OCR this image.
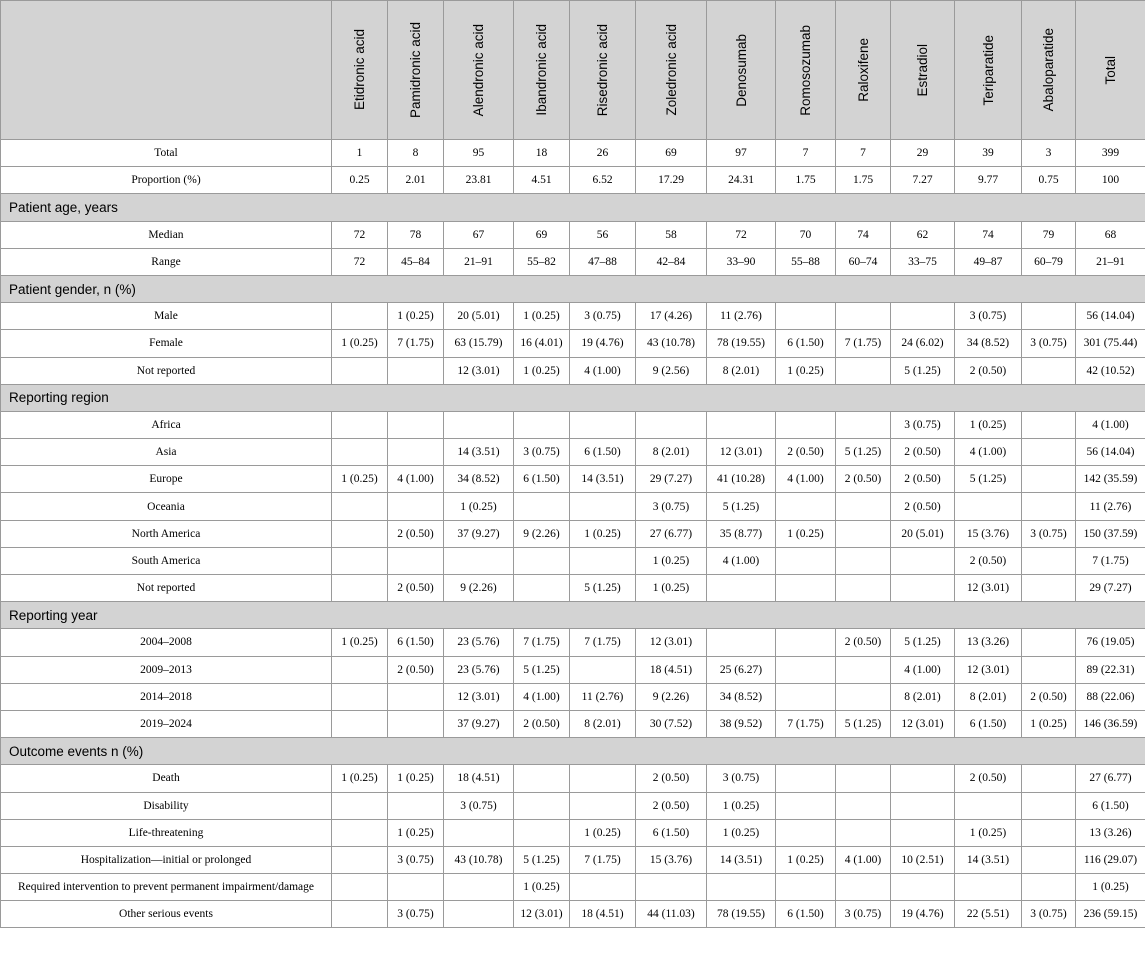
	Etidronic acid	Pamidronic acid	Alendronic acid	Ibandronic acid	Risedronic acid	Zoledronic acid	Denosumab	Romosozumab	Raloxifene	Estradiol	Teriparatide	Abaloparatide	Total
Total	1	8	95	18	26	69	97	7	7	29	39	3	399
Proportion (%)	0.25	2.01	23.81	4.51	6.52	17.29	24.31	1.75	1.75	7.27	9.77	0.75	100
Patient age, years													
Median	72	78	67	69	56	58	72	70	74	62	74	79	68
Range	72	45–84	21–91	55–82	47–88	42–84	33–90	55–88	60–74	33–75	49–87	60–79	21–91
Patient gender, n (%)													
Male		1 (0.25)	20 (5.01)	1 (0.25)	3 (0.75)	17 (4.26)	11 (2.76)				3 (0.75)		56 (14.04)
Female	1 (0.25)	7 (1.75)	63 (15.79)	16 (4.01)	19 (4.76)	43 (10.78)	78 (19.55)	6 (1.50)	7 (1.75)	24 (6.02)	34 (8.52)	3 (0.75)	301 (75.44)
Not reported			12 (3.01)	1 (0.25)	4 (1.00)	9 (2.56)	8 (2.01)	1 (0.25)		5 (1.25)	2 (0.50)		42 (10.52)
Reporting region													
Africa										3 (0.75)	1 (0.25)		4 (1.00)
Asia			14 (3.51)	3 (0.75)	6 (1.50)	8 (2.01)	12 (3.01)	2 (0.50)	5 (1.25)	2 (0.50)	4 (1.00)		56 (14.04)
Europe	1 (0.25)	4 (1.00)	34 (8.52)	6 (1.50)	14 (3.51)	29 (7.27)	41 (10.28)	4 (1.00)	2 (0.50)	2 (0.50)	5 (1.25)		142 (35.59)
Oceania			1 (0.25)			3 (0.75)	5 (1.25)			2 (0.50)			11 (2.76)
North America		2 (0.50)	37 (9.27)	9 (2.26)	1 (0.25)	27 (6.77)	35 (8.77)	1 (0.25)		20 (5.01)	15 (3.76)	3 (0.75)	150 (37.59)
South America						1 (0.25)	4 (1.00)				2 (0.50)		7 (1.75)
Not reported		2 (0.50)	9 (2.26)		5 (1.25)	1 (0.25)					12 (3.01)		29 (7.27)
Reporting year													
2004–2008	1 (0.25)	6 (1.50)	23 (5.76)	7 (1.75)	7 (1.75)	12 (3.01)			2 (0.50)	5 (1.25)	13 (3.26)		76 (19.05)
2009–2013		2 (0.50)	23 (5.76)	5 (1.25)		18 (4.51)	25 (6.27)			4 (1.00)	12 (3.01)		89 (22.31)
2014–2018			12 (3.01)	4 (1.00)	11 (2.76)	9 (2.26)	34 (8.52)			8 (2.01)	8 (2.01)	2 (0.50)	88 (22.06)
2019–2024			37 (9.27)	2 (0.50)	8 (2.01)	30 (7.52)	38 (9.52)	7 (1.75)	5 (1.25)	12 (3.01)	6 (1.50)	1 (0.25)	146 (36.59)
Outcome events n (%)													
Death	1 (0.25)	1 (0.25)	18 (4.51)			2 (0.50)	3 (0.75)				2 (0.50)		27 (6.77)
Disability			3 (0.75)			2 (0.50)	1 (0.25)						6 (1.50)
Life-threatening		1 (0.25)			1 (0.25)	6 (1.50)	1 (0.25)				1 (0.25)		13 (3.26)
Hospitalization—initial or prolonged		3 (0.75)	43 (10.78)	5 (1.25)	7 (1.75)	15 (3.76)	14 (3.51)	1 (0.25)	4 (1.00)	10 (2.51)	14 (3.51)		116 (29.07)
Required intervention to prevent permanent impairment/damage				1 (0.25)									1 (0.25)
Other serious events		3 (0.75)		12 (3.01)	18 (4.51)	44 (11.03)	78 (19.55)	6 (1.50)	3 (0.75)	19 (4.76)	22 (5.51)	3 (0.75)	236 (59.15)
